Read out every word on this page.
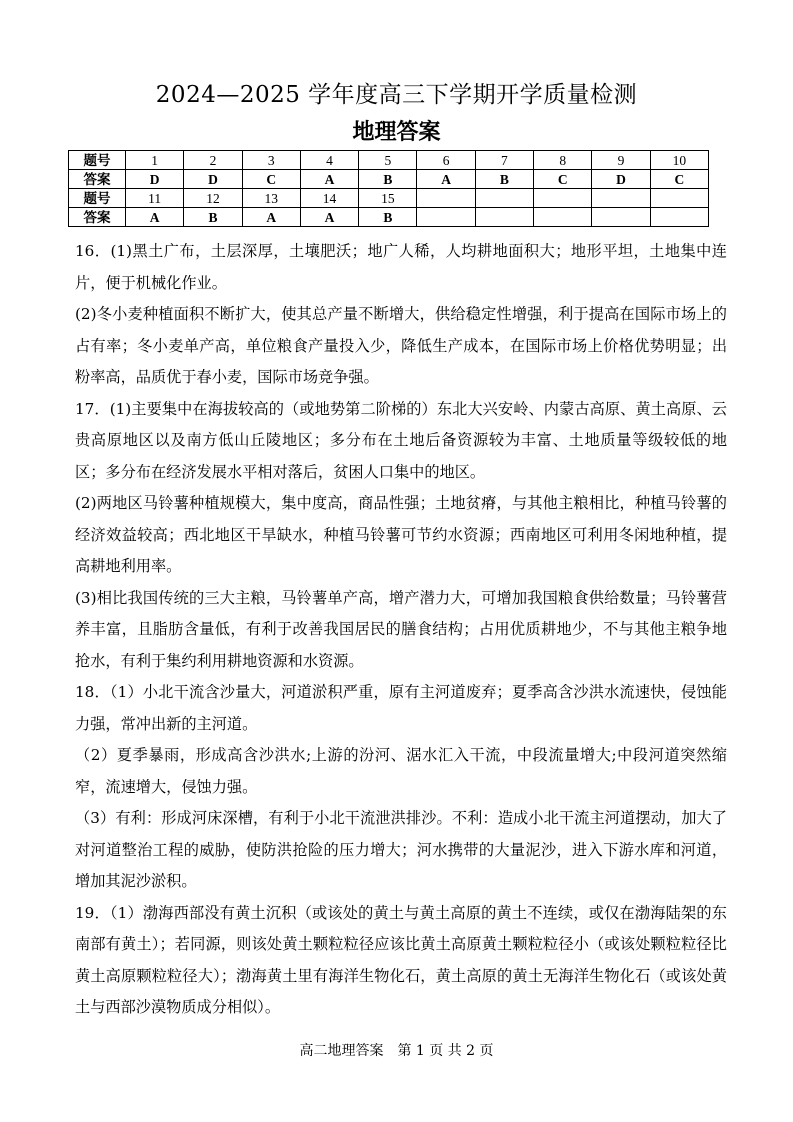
2024—2025 学年度高三下学期开学质量检测
地理答案
题号	1	2	3	4	5	6	7	8	9	10
答案	D	D	C	A	B	A	B	C	D	C
题号	11	12	13	14	15					
答案	A	B	A	A	B					

16．(1)黑土广布，土层深厚，土壤肥沃；地广人稀，人均耕地面积大；地形平坦，土地集中连片，便于机械化作业。

(2)冬小麦种植面积不断扩大，使其总产量不断增大，供给稳定性增强，利于提高在国际市场上的占有率；冬小麦单产高，单位粮食产量投入少，降低生产成本，在国际市场上价格优势明显；出粉率高，品质优于春小麦，国际市场竞争强。

17．(1)主要集中在海拔较高的（或地势第二阶梯的）东北大兴安岭、内蒙古高原、黄土高原、云贵高原地区以及南方低山丘陵地区；多分布在土地后备资源较为丰富、土地质量等级较低的地区；多分布在经济发展水平相对落后，贫困人口集中的地区。

(2)两地区马铃薯种植规模大，集中度高，商品性强；土地贫瘠，与其他主粮相比，种植马铃薯的经济效益较高；西北地区干旱缺水，种植马铃薯可节约水资源；西南地区可利用冬闲地种植，提高耕地利用率。

(3)相比我国传统的三大主粮，马铃薯单产高，增产潜力大，可增加我国粮食供给数量；马铃薯营养丰富，且脂肪含量低，有利于改善我国居民的膳食结构；占用优质耕地少，不与其他主粮争地抢水，有利于集约利用耕地资源和水资源。

18．（1）小北干流含沙量大，河道淤积严重，原有主河道废弃；夏季高含沙洪水流速快，侵蚀能力强，常冲出新的主河道。

（2）夏季暴雨，形成高含沙洪水;上游的汾河、涺水汇入干流，中段流量增大;中段河道突然缩窄，流速增大，侵蚀力强。

（3）有利：形成河床深槽，有利于小北干流泄洪排沙。不利：造成小北干流主河道摆动，加大了对河道整治工程的威胁，使防洪抢险的压力增大；河水携带的大量泥沙，进入下游水库和河道，增加其泥沙淤积。

19．（1）渤海西部没有黄土沉积（或该处的黄土与黄土高原的黄土不连续，或仅在渤海陆架的东南部有黄土）；若同源，则该处黄土颗粒粒径应该比黄土高原黄土颗粒粒径小（或该处颗粒粒径比黄土高原颗粒粒径大）；渤海黄土里有海洋生物化石，黄土高原的黄土无海洋生物化石（或该处黄土与西部沙漠物质成分相似）。

高二地理答案　第 1 页 共 2 页
